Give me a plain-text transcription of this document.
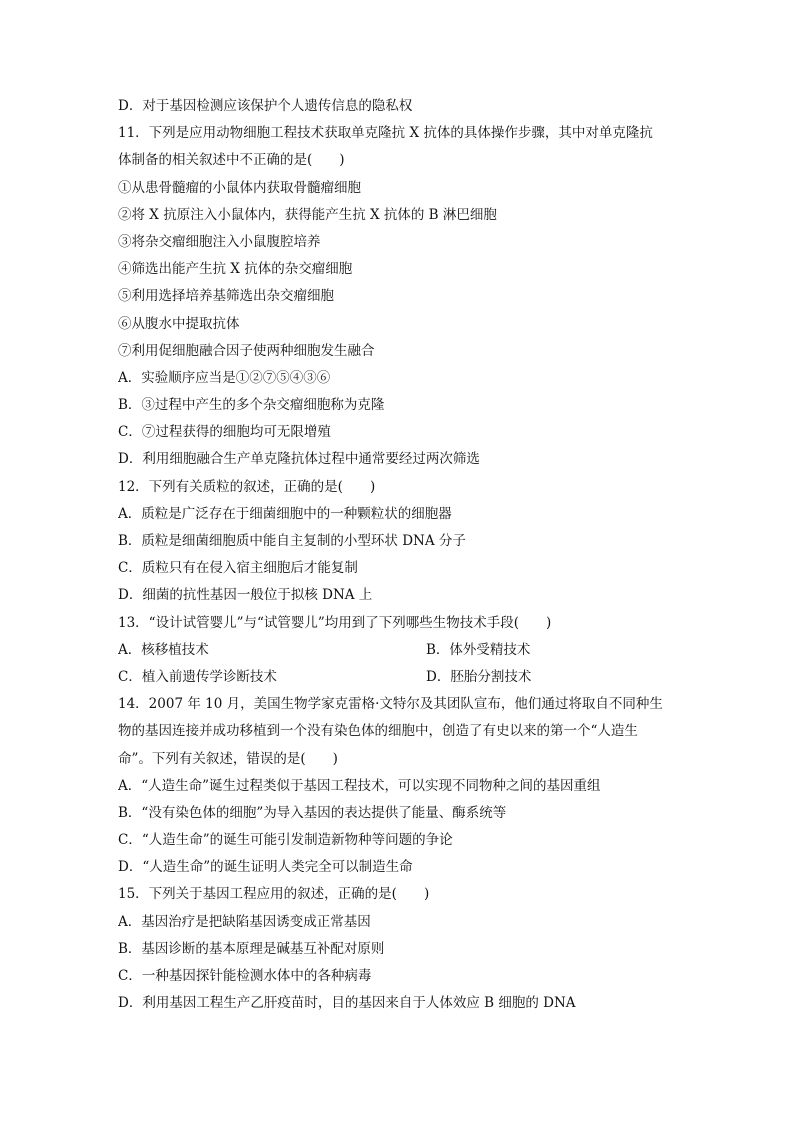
D．对于基因检测应该保护个人遗传信息的隐私权
11．下列是应用动物细胞工程技术获取单克隆抗 X 抗体的具体操作步骤，其中对单克隆抗
体制备的相关叙述中不正确的是(　　)
①从患骨髓瘤的小鼠体内获取骨髓瘤细胞
②将 X 抗原注入小鼠体内，获得能产生抗 X 抗体的 B 淋巴细胞
③将杂交瘤细胞注入小鼠腹腔培养
④筛选出能产生抗 X 抗体的杂交瘤细胞
⑤利用选择培养基筛选出杂交瘤细胞
⑥从腹水中提取抗体
⑦利用促细胞融合因子使两种细胞发生融合
A．实验顺序应当是①②⑦⑤④③⑥
B．③过程中产生的多个杂交瘤细胞称为克隆
C．⑦过程获得的细胞均可无限增殖
D．利用细胞融合生产单克隆抗体过程中通常要经过两次筛选
12．下列有关质粒的叙述，正确的是(　　)
A．质粒是广泛存在于细菌细胞中的一种颗粒状的细胞器
B．质粒是细菌细胞质中能自主复制的小型环状 DNA 分子
C．质粒只有在侵入宿主细胞后才能复制
D．细菌的抗性基因一般位于拟核 DNA 上
13．“设计试管婴儿”与“试管婴儿”均用到了下列哪些生物技术手段(　　)
A．核移植技术	B．体外受精技术
C．植入前遗传学诊断技术	D．胚胎分割技术
14．2007 年 10 月，美国生物学家克雷格·文特尔及其团队宣布，他们通过将取自不同种生
物的基因连接并成功移植到一个没有染色体的细胞中，创造了有史以来的第一个“人造生
命”。下列有关叙述，错误的是(　　)
A．“人造生命”诞生过程类似于基因工程技术，可以实现不同物种之间的基因重组
B．“没有染色体的细胞”为导入基因的表达提供了能量、酶系统等
C．“人造生命”的诞生可能引发制造新物种等问题的争论
D．“人造生命”的诞生证明人类完全可以制造生命
15．下列关于基因工程应用的叙述，正确的是(　　)
A．基因治疗是把缺陷基因诱变成正常基因
B．基因诊断的基本原理是碱基互补配对原则
C．一种基因探针能检测水体中的各种病毒
D．利用基因工程生产乙肝疫苗时，目的基因来自于人体效应 B 细胞的 DNA
